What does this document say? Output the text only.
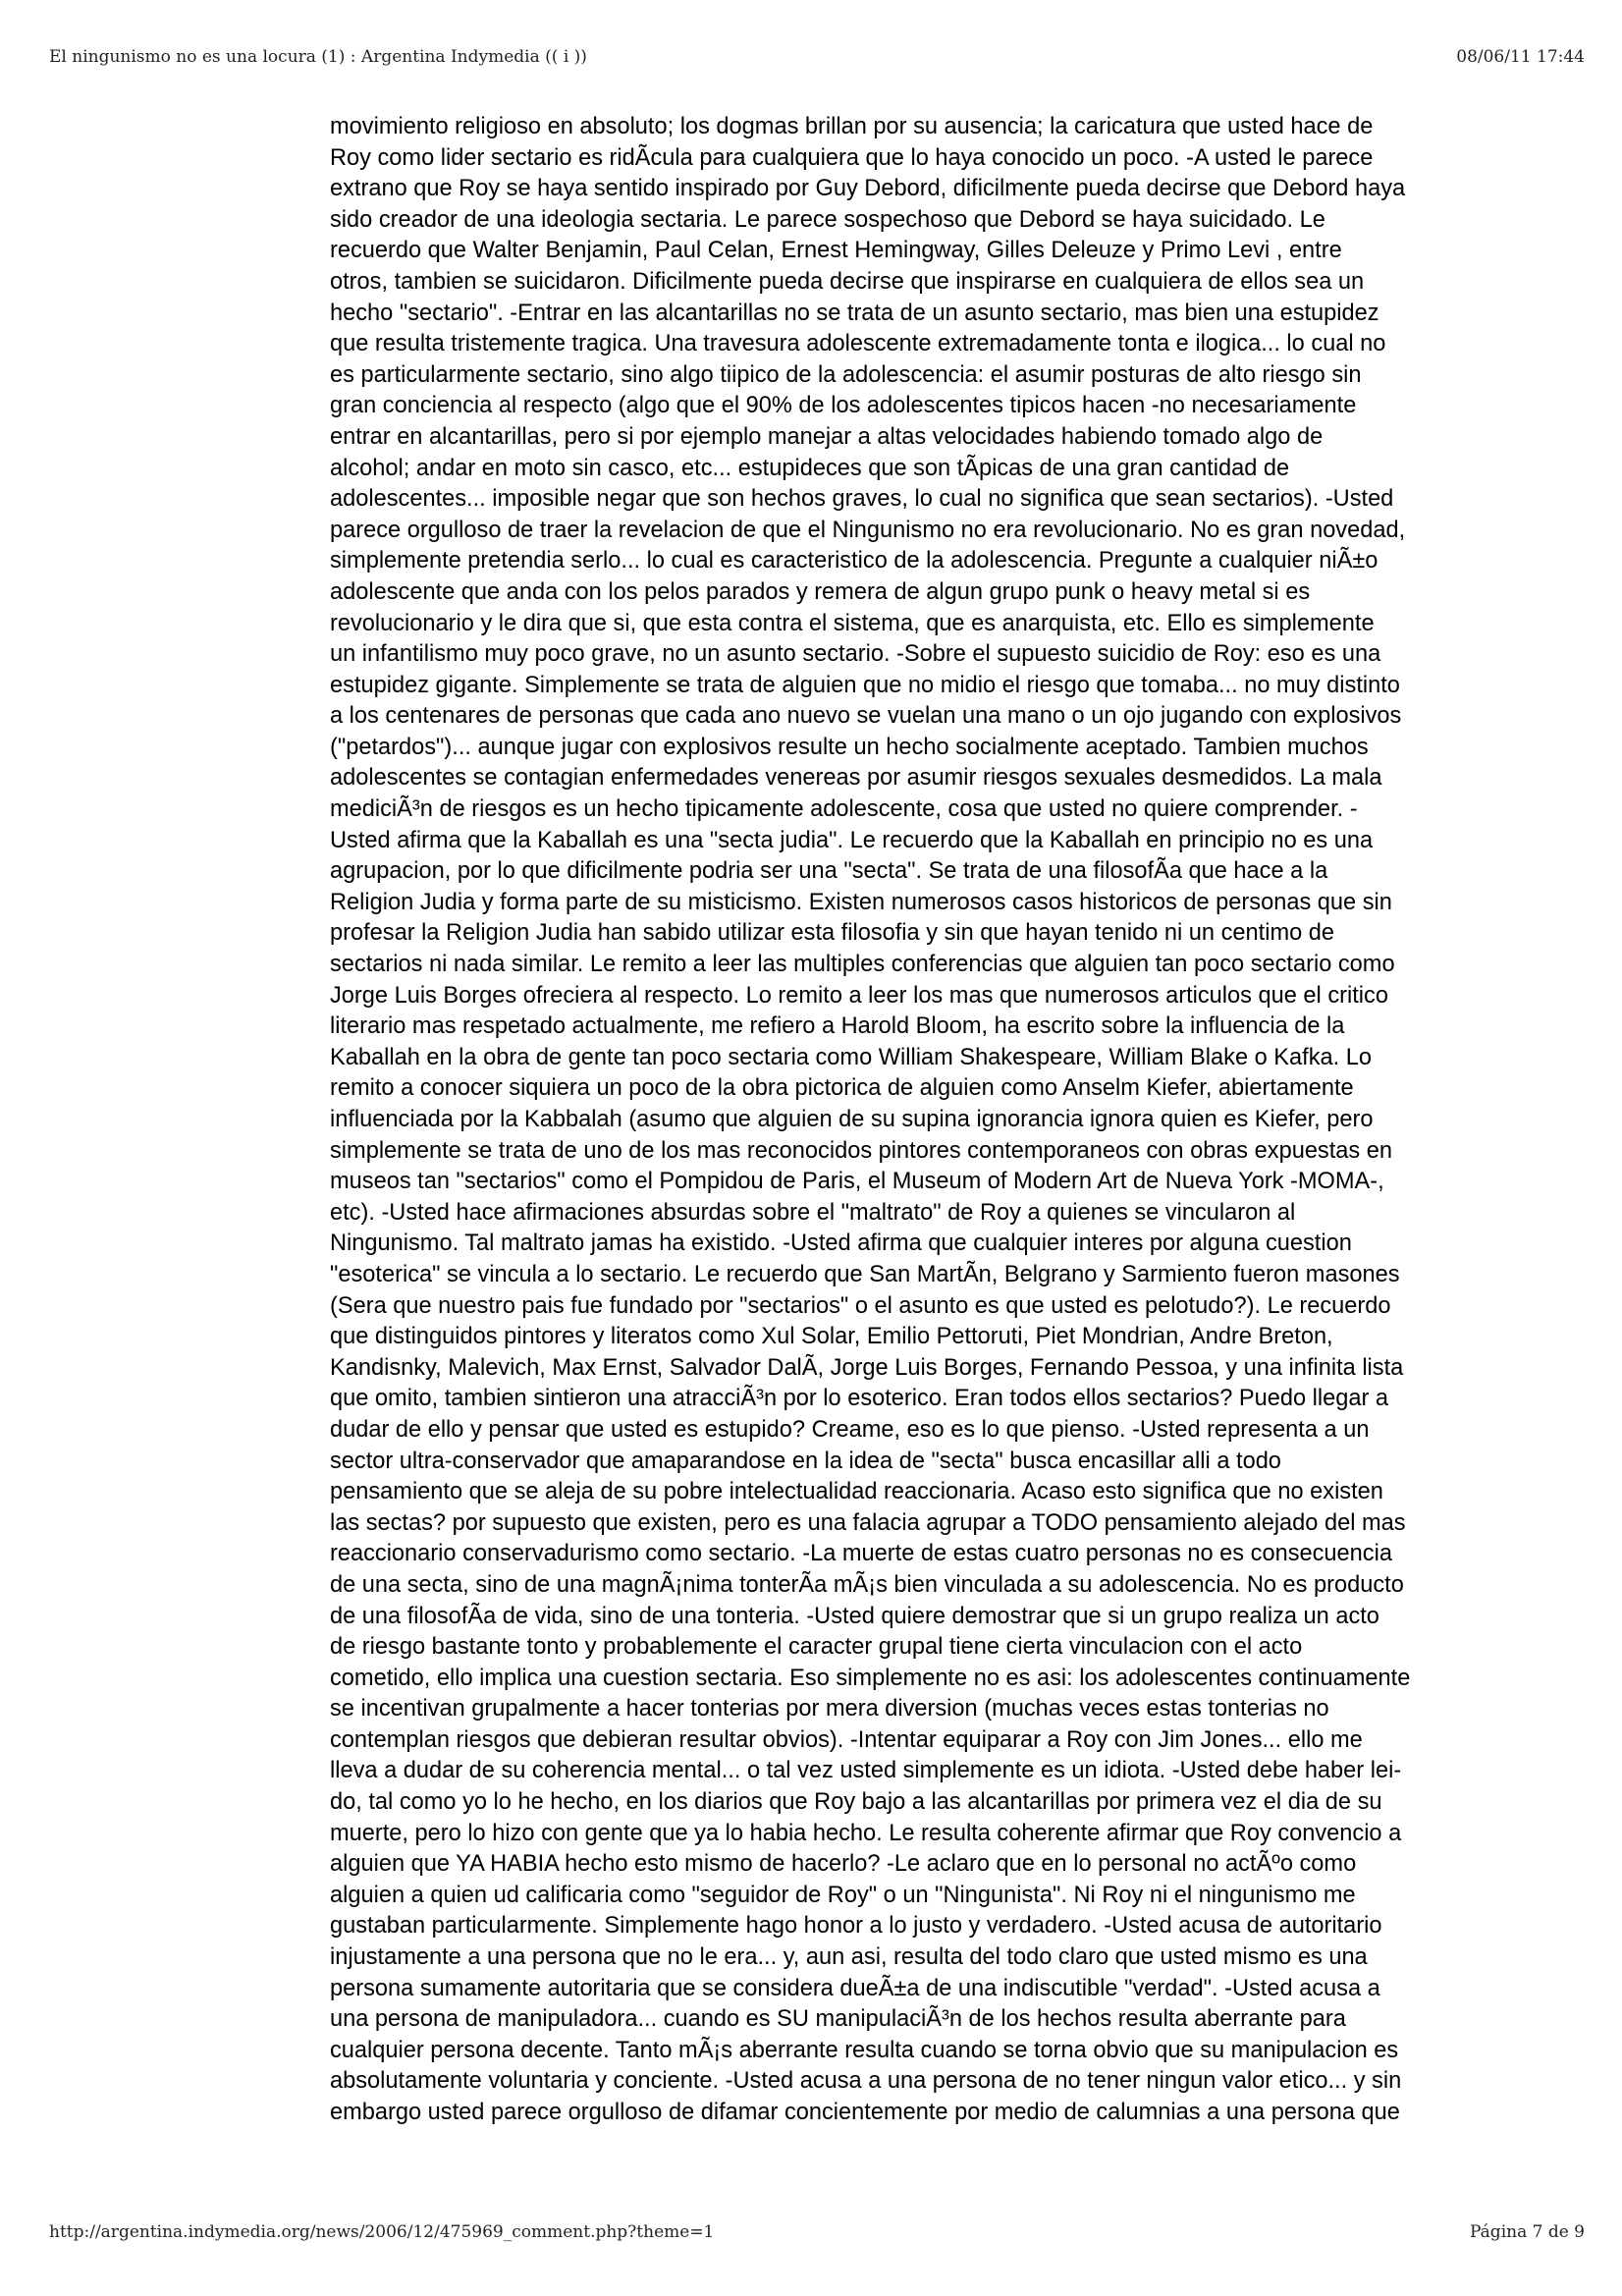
El ningunismo no es una locura (1) : Argentina Indymedia (( i ))	08/06/11 17:44

movimiento religioso en absoluto; los dogmas brillan por su ausencia; la caricatura que usted hace de

Roy como lider sectario es ridÃcula para cualquiera que lo haya conocido un poco. -A usted le parece

extrano que Roy se haya sentido inspirado por Guy Debord, dificilmente pueda decirse que Debord haya

sido creador de una ideologia sectaria. Le parece sospechoso que Debord se haya suicidado. Le

recuerdo que Walter Benjamin, Paul Celan, Ernest Hemingway, Gilles Deleuze y Primo Levi , entre

otros, tambien se suicidaron. Dificilmente pueda decirse que inspirarse en cualquiera de ellos sea un

hecho "sectario". -Entrar en las alcantarillas no se trata de un asunto sectario, mas bien una estupidez

que resulta tristemente tragica. Una travesura adolescente extremadamente tonta e ilogica... lo cual no

es particularmente sectario, sino algo tiipico de la adolescencia: el asumir posturas de alto riesgo sin

gran conciencia al respecto (algo que el 90% de los adolescentes tipicos hacen -no necesariamente

entrar en alcantarillas, pero si por ejemplo manejar a altas velocidades habiendo tomado algo de

alcohol; andar en moto sin casco, etc... estupideces que son tÃpicas de una gran cantidad de

adolescentes... imposible negar que son hechos graves, lo cual no significa que sean sectarios). -Usted

parece orgulloso de traer la revelacion de que el Ningunismo no era revolucionario. No es gran novedad,

simplemente pretendia serlo... lo cual es caracteristico de la adolescencia. Pregunte a cualquier niÃ±o

adolescente que anda con los pelos parados y remera de algun grupo punk o heavy metal si es

revolucionario y le dira que si, que esta contra el sistema, que es anarquista, etc. Ello es simplemente

un infantilismo muy poco grave, no un asunto sectario. -Sobre el supuesto suicidio de Roy: eso es una

estupidez gigante. Simplemente se trata de alguien que no midio el riesgo que tomaba... no muy distinto

a los centenares de personas que cada ano nuevo se vuelan una mano o un ojo jugando con explosivos

("petardos")... aunque jugar con explosivos resulte un hecho socialmente aceptado. Tambien muchos

adolescentes se contagian enfermedades venereas por asumir riesgos sexuales desmedidos. La mala

mediciÃ³n de riesgos es un hecho tipicamente adolescente, cosa que usted no quiere comprender. -

Usted afirma que la Kaballah es una "secta judia". Le recuerdo que la Kaballah en principio no es una

agrupacion, por lo que dificilmente podria ser una "secta". Se trata de una filosofÃa que hace a la

Religion Judia y forma parte de su misticismo. Existen numerosos casos historicos de personas que sin

profesar la Religion Judia han sabido utilizar esta filosofia y sin que hayan tenido ni un centimo de

sectarios ni nada similar. Le remito a leer las multiples conferencias que alguien tan poco sectario como

Jorge Luis Borges ofreciera al respecto. Lo remito a leer los mas que numerosos articulos que el critico

literario mas respetado actualmente, me refiero a Harold Bloom, ha escrito sobre la influencia de la

Kaballah en la obra de gente tan poco sectaria como William Shakespeare, William Blake o Kafka. Lo

remito a conocer siquiera un poco de la obra pictorica de alguien como Anselm Kiefer, abiertamente

influenciada por la Kabbalah (asumo que alguien de su supina ignorancia ignora quien es Kiefer, pero

simplemente se trata de uno de los mas reconocidos pintores contemporaneos con obras expuestas en

museos tan "sectarios" como el Pompidou de Paris, el Museum of Modern Art de Nueva York -MOMA-,

etc). -Usted hace afirmaciones absurdas sobre el "maltrato" de Roy a quienes se vincularon al

Ningunismo. Tal maltrato jamas ha existido. -Usted afirma que cualquier interes por alguna cuestion

"esoterica" se vincula a lo sectario. Le recuerdo que San MartÃn, Belgrano y Sarmiento fueron masones

(Sera que nuestro pais fue fundado por "sectarios" o el asunto es que usted es pelotudo?). Le recuerdo

que distinguidos pintores y literatos como Xul Solar, Emilio Pettoruti, Piet Mondrian, Andre Breton,

Kandisnky, Malevich, Max Ernst, Salvador DalÃ, Jorge Luis Borges, Fernando Pessoa, y una infinita lista

que omito, tambien sintieron una atracciÃ³n por lo esoterico. Eran todos ellos sectarios? Puedo llegar a

dudar de ello y pensar que usted es estupido? Creame, eso es lo que pienso. -Usted representa a un

sector ultra-conservador que amaparandose en la idea de "secta" busca encasillar alli a todo

pensamiento que se aleja de su pobre intelectualidad reaccionaria. Acaso esto significa que no existen

las sectas? por supuesto que existen, pero es una falacia agrupar a TODO pensamiento alejado del mas

reaccionario conservadurismo como sectario. -La muerte de estas cuatro personas no es consecuencia

de una secta, sino de una magnÃ¡nima tonterÃa mÃ¡s bien vinculada a su adolescencia. No es producto

de una filosofÃa de vida, sino de una tonteria. -Usted quiere demostrar que si un grupo realiza un acto

de riesgo bastante tonto y probablemente el caracter grupal tiene cierta vinculacion con el acto

cometido, ello implica una cuestion sectaria. Eso simplemente no es asi: los adolescentes continuamente

se incentivan grupalmente a hacer tonterias por mera diversion (muchas veces estas tonterias no

contemplan riesgos que debieran resultar obvios). -Intentar equiparar a Roy con Jim Jones... ello me

lleva a dudar de su coherencia mental... o tal vez usted simplemente es un idiota. -Usted debe haber lei-

do, tal como yo lo he hecho, en los diarios que Roy bajo a las alcantarillas por primera vez el dia de su

muerte, pero lo hizo con gente que ya lo habia hecho. Le resulta coherente afirmar que Roy convencio a

alguien que YA HABIA hecho esto mismo de hacerlo? -Le aclaro que en lo personal no actÃºo como

alguien a quien ud calificaria como "seguidor de Roy" o un "Ningunista". Ni Roy ni el ningunismo me

gustaban particularmente. Simplemente hago honor a lo justo y verdadero. -Usted acusa de autoritario

injustamente a una persona que no le era... y, aun asi, resulta del todo claro que usted mismo es una

persona sumamente autoritaria que se considera dueÃ±a de una indiscutible "verdad". -Usted acusa a

una persona de manipuladora... cuando es SU manipulaciÃ³n de los hechos resulta aberrante para

cualquier persona decente. Tanto mÃ¡s aberrante resulta cuando se torna obvio que su manipulacion es

absolutamente voluntaria y conciente. -Usted acusa a una persona de no tener ningun valor etico... y sin

embargo usted parece orgulloso de difamar concientemente por medio de calumnias a una persona que

http://argentina.indymedia.org/news/2006/12/475969_comment.php?theme=1	Página 7 de 9
